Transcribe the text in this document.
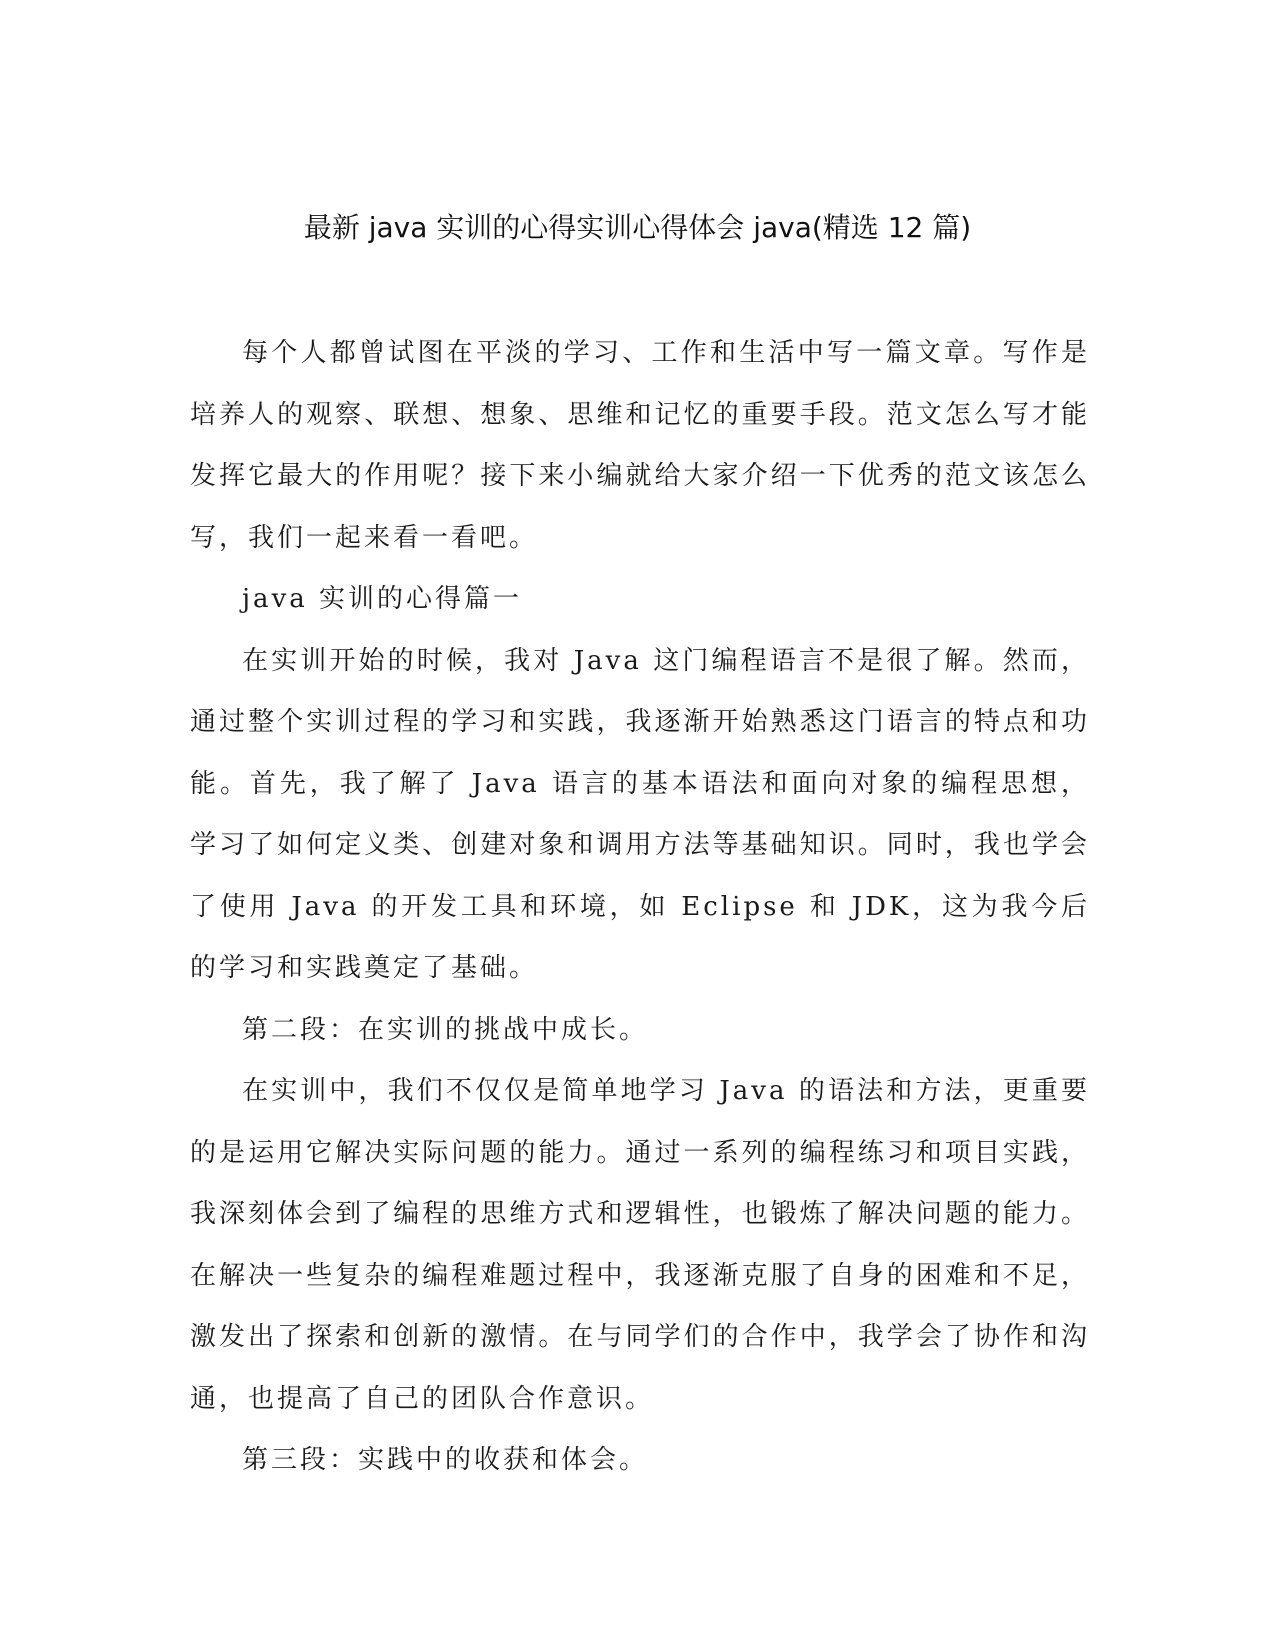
最新 java 实训的心得实训心得体会 java(精选 12 篇)

每个人都曾试图在平淡的学习、工作和生活中写一篇文章。写作是培养人的观察、联想、想象、思维和记忆的重要手段。范文怎么写才能发挥它最大的作用呢？接下来小编就给大家介绍一下优秀的范文该怎么写，我们一起来看一看吧。

java 实训的心得篇一

在实训开始的时候，我对 Java 这门编程语言不是很了解。然而，通过整个实训过程的学习和实践，我逐渐开始熟悉这门语言的特点和功能。首先，我了解了 Java 语言的基本语法和面向对象的编程思想，学习了如何定义类、创建对象和调用方法等基础知识。同时，我也学会了使用 Java 的开发工具和环境，如 Eclipse 和 JDK，这为我今后的学习和实践奠定了基础。

第二段：在实训的挑战中成长。

在实训中，我们不仅仅是简单地学习 Java 的语法和方法，更重要的是运用它解决实际问题的能力。通过一系列的编程练习和项目实践，我深刻体会到了编程的思维方式和逻辑性，也锻炼了解决问题的能力。在解决一些复杂的编程难题过程中，我逐渐克服了自身的困难和不足，激发出了探索和创新的激情。在与同学们的合作中，我学会了协作和沟通，也提高了自己的团队合作意识。

第三段：实践中的收获和体会。
